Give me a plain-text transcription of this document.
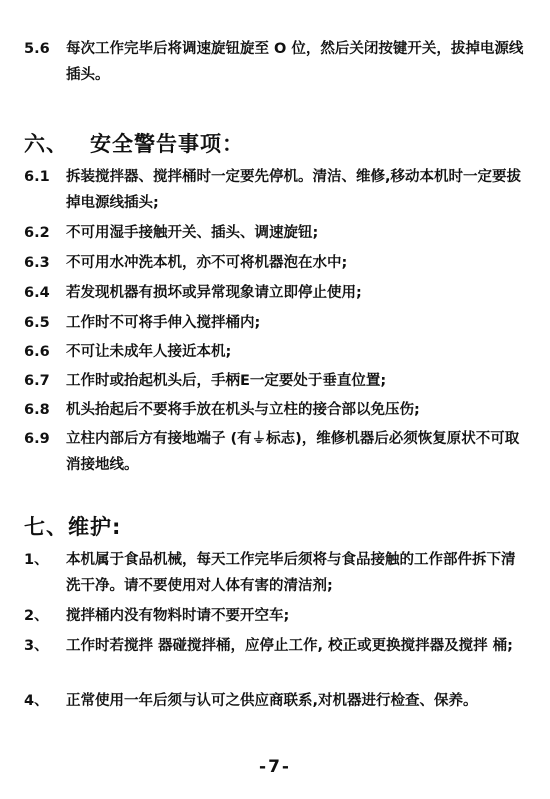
5.6 每次工作完毕后将调速旋钮旋至 O 位，然后关闭按键开关，拔掉电源线插头。
六、 安全警告事项：
6.1 拆装搅拌器、搅拌桶时一定要先停机。清洁、维修,移动本机时一定要拔掉电源线插头;
6.2 不可用湿手接触开关、插头、调速旋钮;
6.3 不可用水冲洗本机，亦不可将机器泡在水中;
6.4 若发现机器有损坏或异常现象请立即停止使用;
6.5 工作时不可将手伸入搅拌桶内;
6.6 不可让未成年人接近本机;
6.7 工作时或抬起机头后，手柄E一定要处于垂直位置;
6.8 机头抬起后不要将手放在机头与立柱的接合部以免压伤;
6.9 立柱内部后方有接地端子 (有⏚标志)，维修机器后必须恢复原状不可取消接地线。
七、维护:
1、 本机属于食品机械，每天工作完毕后须将与食品接触的工作部件拆下清洗干净。请不要使用对人体有害的清洁剂;
2、 搅拌桶内没有物料时请不要开空车;
3、 工作时若搅拌 器碰搅拌桶，应停止工作, 校正或更换搅拌器及搅拌 桶;
4、 正常使用一年后须与认可之供应商联系,对机器进行检查、保养。
-7-
